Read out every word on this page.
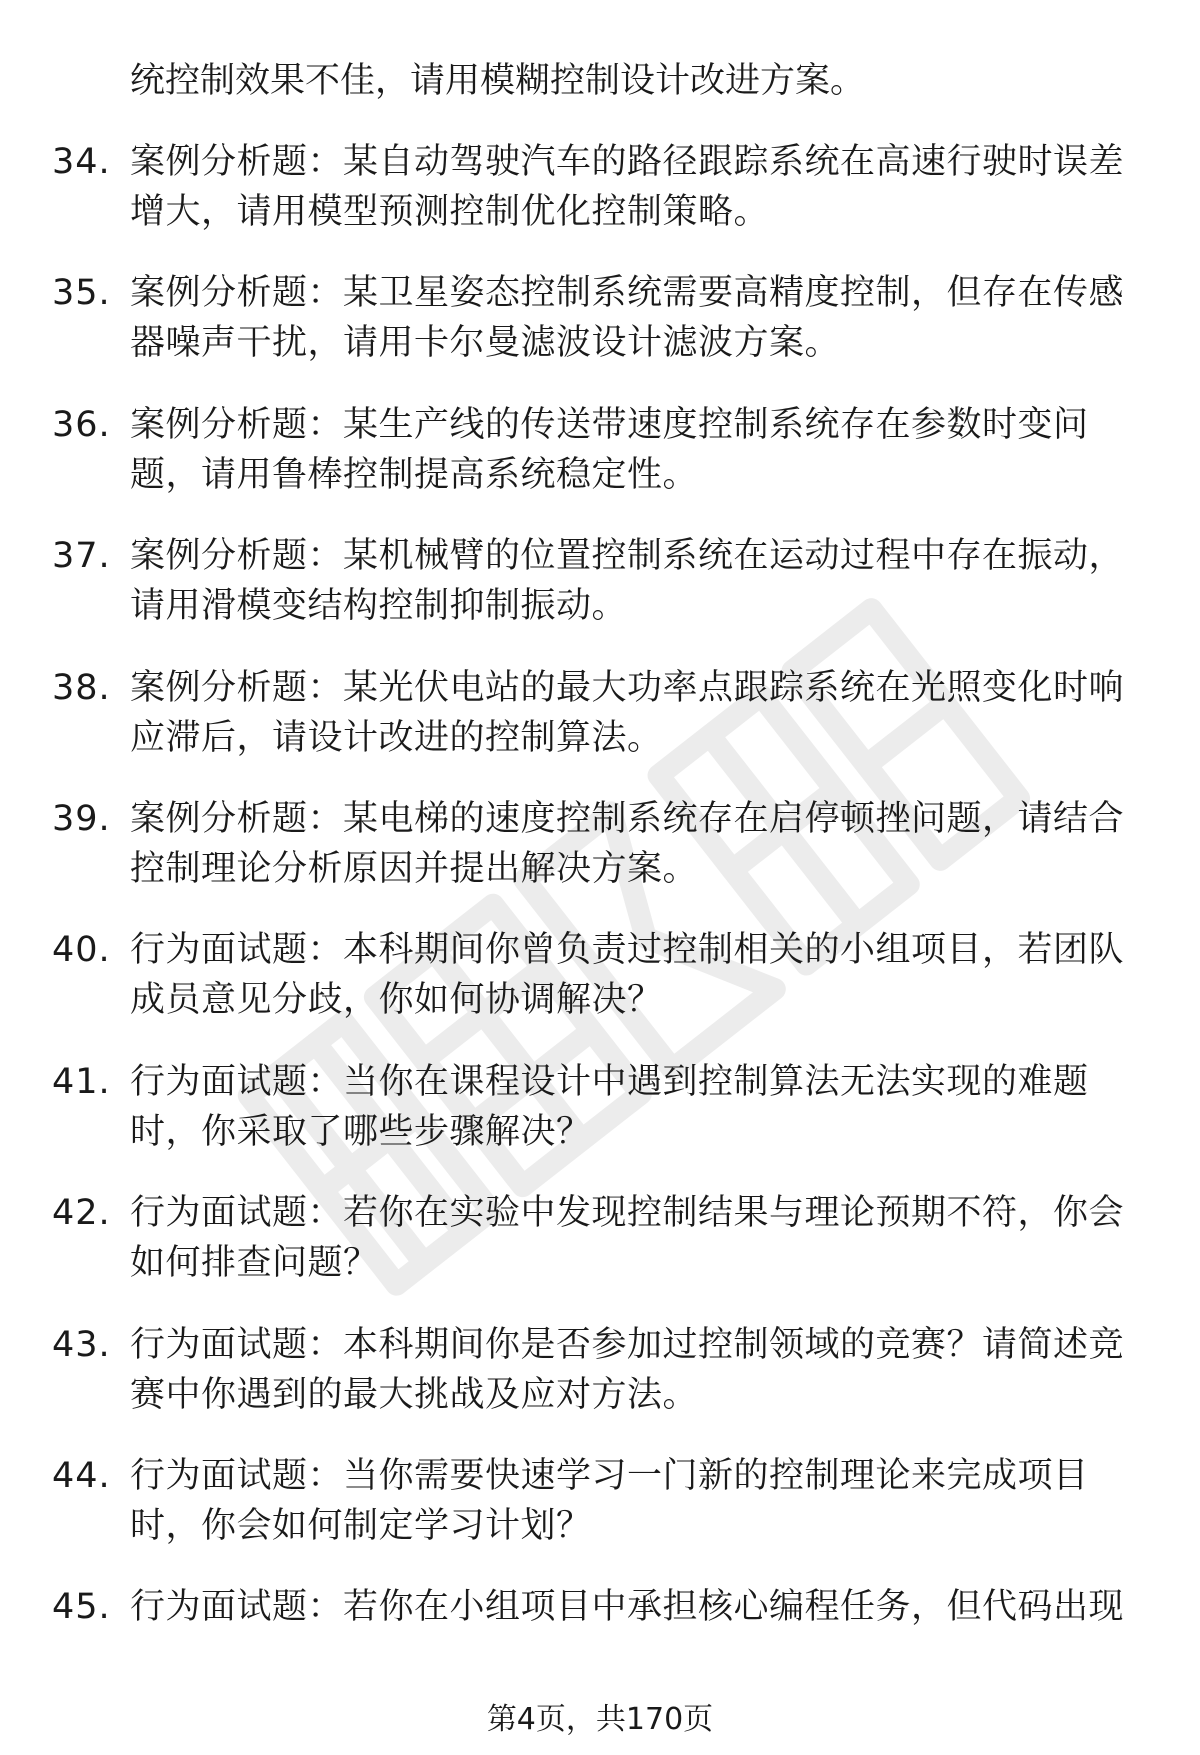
统控制效果不佳，请用模糊控制设计改进方案。
34. 案例分析题：某自动驾驶汽车的路径跟踪系统在高速行驶时误差增大，请用模型预测控制优化控制策略。
35. 案例分析题：某卫星姿态控制系统需要高精度控制，但存在传感器噪声干扰，请用卡尔曼滤波设计滤波方案。
36. 案例分析题：某生产线的传送带速度控制系统存在参数时变问题，请用鲁棒控制提高系统稳定性。
37. 案例分析题：某机械臂的位置控制系统在运动过程中存在振动，请用滑模变结构控制抑制振动。
38. 案例分析题：某光伏电站的最大功率点跟踪系统在光照变化时响应滞后，请设计改进的控制算法。
39. 案例分析题：某电梯的速度控制系统存在启停顿挫问题，请结合控制理论分析原因并提出解决方案。
40. 行为面试题：本科期间你曾负责过控制相关的小组项目，若团队成员意见分歧，你如何协调解决？
41. 行为面试题：当你在课程设计中遇到控制算法无法实现的难题时，你采取了哪些步骤解决？
42. 行为面试题：若你在实验中发现控制结果与理论预期不符，你会如何排查问题？
43. 行为面试题：本科期间你是否参加过控制领域的竞赛？请简述竞赛中你遇到的最大挑战及应对方法。
44. 行为面试题：当你需要快速学习一门新的控制理论来完成项目时，你会如何制定学习计划？
45. 行为面试题：若你在小组项目中承担核心编程任务，但代码出现
第4页，共170页
